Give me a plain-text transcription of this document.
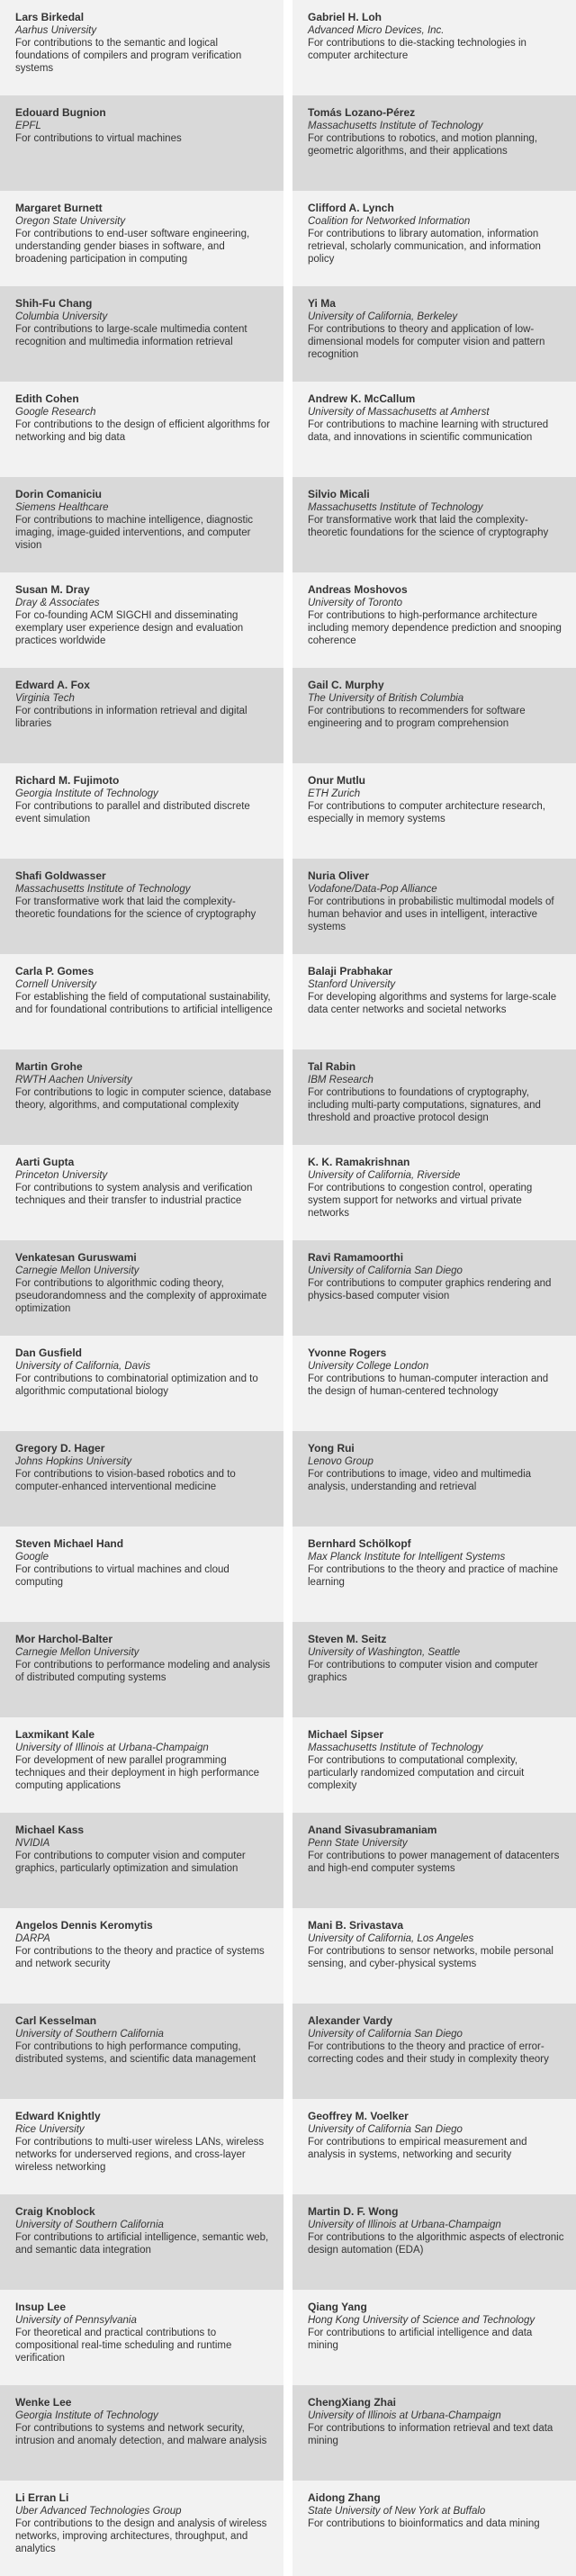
Lars Birkedal
Aarhus University
For contributions to the semantic and logical foundations of compilers and program verification systems
Gabriel H. Loh
Advanced Micro Devices, Inc.
For contributions to die-stacking technologies in computer architecture
Edouard Bugnion
EPFL
For contributions to virtual machines
Tomás Lozano-Pérez
Massachusetts Institute of Technology
For contributions to robotics, and motion planning, geometric algorithms, and their applications
Margaret Burnett
Oregon State University
For contributions to end-user software engineering, understanding gender biases in software, and broadening participation in computing
Clifford A. Lynch
Coalition for Networked Information
For contributions to library automation, information retrieval, scholarly communication, and information policy
Shih-Fu Chang
Columbia University
For contributions to large-scale multimedia content recognition and multimedia information retrieval
Yi Ma
University of California, Berkeley
For contributions to theory and application of low-dimensional models for computer vision and pattern recognition
Edith Cohen
Google Research
For contributions to the design of efficient algorithms for networking and big data
Andrew K. McCallum
University of Massachusetts at Amherst
For contributions to machine learning with structured data, and innovations in scientific communication
Dorin Comaniciu
Siemens Healthcare
For contributions to machine intelligence, diagnostic imaging, image-guided interventions, and computer vision
Silvio Micali
Massachusetts Institute of Technology
For transformative work that laid the complexity-theoretic foundations for the science of cryptography
Susan M. Dray
Dray & Associates
For co-founding ACM SIGCHI and disseminating exemplary user experience design and evaluation practices worldwide
Andreas Moshovos
University of Toronto
For contributions to high-performance architecture including memory dependence prediction and snooping coherence
Edward A. Fox
Virginia Tech
For contributions in information retrieval and digital libraries
Gail C. Murphy
The University of British Columbia
For contributions to recommenders for software engineering and to program comprehension
Richard M. Fujimoto
Georgia Institute of Technology
For contributions to parallel and distributed discrete event simulation
Onur Mutlu
ETH Zurich
For contributions to computer architecture research, especially in memory systems
Shafi Goldwasser
Massachusetts Institute of Technology
For transformative work that laid the complexity-theoretic foundations for the science of cryptography
Nuria Oliver
Vodafone/Data-Pop Alliance
For contributions in probabilistic multimodal models of human behavior and uses in intelligent, interactive systems
Carla P. Gomes
Cornell University
For establishing the field of computational sustainability, and for foundational contributions to artificial intelligence
Balaji Prabhakar
Stanford University
For developing algorithms and systems for large-scale data center networks and societal networks
Martin Grohe
RWTH Aachen University
For contributions to logic in computer science, database theory, algorithms, and computational complexity
Tal Rabin
IBM Research
For contributions to foundations of cryptography, including multi-party computations, signatures, and threshold and proactive protocol design
Aarti Gupta
Princeton University
For contributions to system analysis and verification techniques and their transfer to industrial practice
K. K. Ramakrishnan
University of California, Riverside
For contributions to congestion control, operating system support for networks and virtual private networks
Venkatesan Guruswami
Carnegie Mellon University
For contributions to algorithmic coding theory, pseudorandomness and the complexity of approximate optimization
Ravi Ramamoorthi
University of California San Diego
For contributions to computer graphics rendering and physics-based computer vision
Dan Gusfield
University of California, Davis
For contributions to combinatorial optimization and to algorithmic computational biology
Yvonne Rogers
University College London
For contributions to human-computer interaction and the design of human-centered technology
Gregory D. Hager
Johns Hopkins University
For contributions to vision-based robotics and to computer-enhanced interventional medicine
Yong Rui
Lenovo Group
For contributions to image, video and multimedia analysis, understanding and retrieval
Steven Michael Hand
Google
For contributions to virtual machines and cloud computing
Bernhard Schölkopf
Max Planck Institute for Intelligent Systems
For contributions to the theory and practice of machine learning
Mor Harchol-Balter
Carnegie Mellon University
For contributions to performance modeling and analysis of distributed computing systems
Steven M. Seitz
University of Washington, Seattle
For contributions to computer vision and computer graphics
Laxmikant Kale
University of Illinois at Urbana-Champaign
For development of new parallel programming techniques and their deployment in high performance computing applications
Michael Sipser
Massachusetts Institute of Technology
For contributions to computational complexity, particularly randomized computation and circuit complexity
Michael Kass
NVIDIA
For contributions to computer vision and computer graphics, particularly optimization and simulation
Anand Sivasubramaniam
Penn State University
For contributions to power management of datacenters and high-end computer systems
Angelos Dennis Keromytis
DARPA
For contributions to the theory and practice of systems and network security
Mani B. Srivastava
University of California, Los Angeles
For contributions to sensor networks, mobile personal sensing, and cyber-physical systems
Carl Kesselman
University of Southern California
For contributions to high performance computing, distributed systems, and scientific data management
Alexander Vardy
University of California San Diego
For contributions to the theory and practice of error-correcting codes and their study in complexity theory
Edward Knightly
Rice University
For contributions to multi-user wireless LANs, wireless networks for underserved regions, and cross-layer wireless networking
Geoffrey M. Voelker
University of California San Diego
For contributions to empirical measurement and analysis in systems, networking and security
Craig Knoblock
University of Southern California
For contributions to artificial intelligence, semantic web, and semantic data integration
Martin D. F. Wong
University of Illinois at Urbana-Champaign
For contributions to the algorithmic aspects of electronic design automation (EDA)
Insup Lee
University of Pennsylvania
For theoretical and practical contributions to compositional real-time scheduling and runtime verification
Qiang Yang
Hong Kong University of Science and Technology
For contributions to artificial intelligence and data mining
Wenke Lee
Georgia Institute of Technology
For contributions to systems and network security, intrusion and anomaly detection, and malware analysis
ChengXiang Zhai
University of Illinois at Urbana-Champaign
For contributions to information retrieval and text data mining
Li Erran Li
Uber Advanced Technologies Group
For contributions to the design and analysis of wireless networks, improving architectures, throughput, and analytics
Aidong Zhang
State University of New York at Buffalo
For contributions to bioinformatics and data mining
